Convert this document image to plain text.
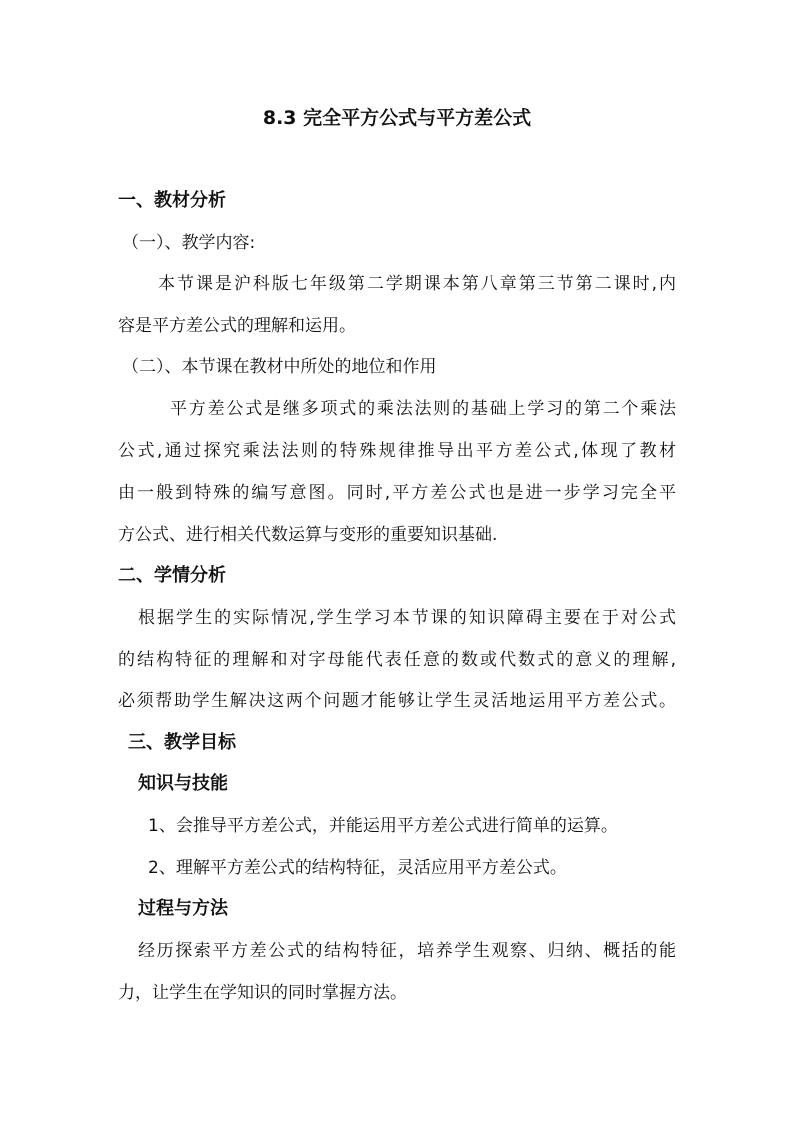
8.3 完全平方公式与平方差公式
一、教材分析
（一）、教学内容:
本节课是沪科版七年级第二学期课本第八章第三节第二课时,内
容是平方差公式的理解和运用。
（二）、本节课在教材中所处的地位和作用
平方差公式是继多项式的乘法法则的基础上学习的第二个乘法
公式,通过探究乘法法则的特殊规律推导出平方差公式,体现了教材
由一般到特殊的编写意图。同时,平方差公式也是进一步学习完全平
方公式、进行相关代数运算与变形的重要知识基础.
二、学情分析
根据学生的实际情况,学生学习本节课的知识障碍主要在于对公式
的结构特征的理解和对字母能代表任意的数或代数式的意义的理解,
必须帮助学生解决这两个问题才能够让学生灵活地运用平方差公式。
三、教学目标
知识与技能
1、会推导平方差公式，并能运用平方差公式进行简单的运算。
2、理解平方差公式的结构特征，灵活应用平方差公式。
过程与方法
经历探索平方差公式的结构特征，培养学生观察、归纳、概括的能
力，让学生在学知识的同时掌握方法。
